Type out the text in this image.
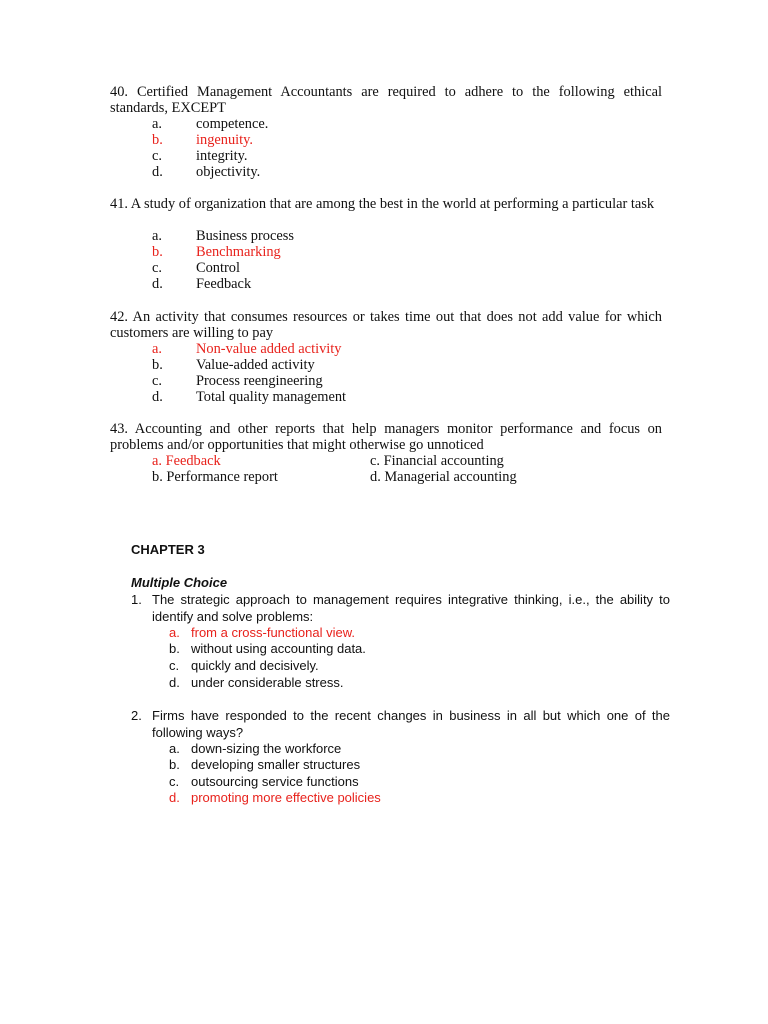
40. Certified Management Accountants are required to adhere to the following ethical standards, EXCEPT
a. competence.
b. ingenuity.
c. integrity.
d. objectivity.
41. A study of organization that are among the best in the world at performing a particular task
a. Business process
b. Benchmarking
c. Control
d. Feedback
42. An activity that consumes resources or takes time out that does not add value for which customers are willing to pay
a. Non-value added activity
b. Value-added activity
c. Process reengineering
d. Total quality management
43. Accounting and other reports that help managers monitor performance and focus on problems and/or opportunities that might otherwise go unnoticed
a. Feedback
b. Performance report
c. Financial accounting
d. Managerial accounting
CHAPTER 3
Multiple Choice
1. The strategic approach to management requires integrative thinking, i.e., the ability to identify and solve problems:
a. from a cross-functional view.
b. without using accounting data.
c. quickly and decisively.
d. under considerable stress.
2. Firms have responded to the recent changes in business in all but which one of the following ways?
a. down-sizing the workforce
b. developing smaller structures
c. outsourcing service functions
d. promoting more effective policies
